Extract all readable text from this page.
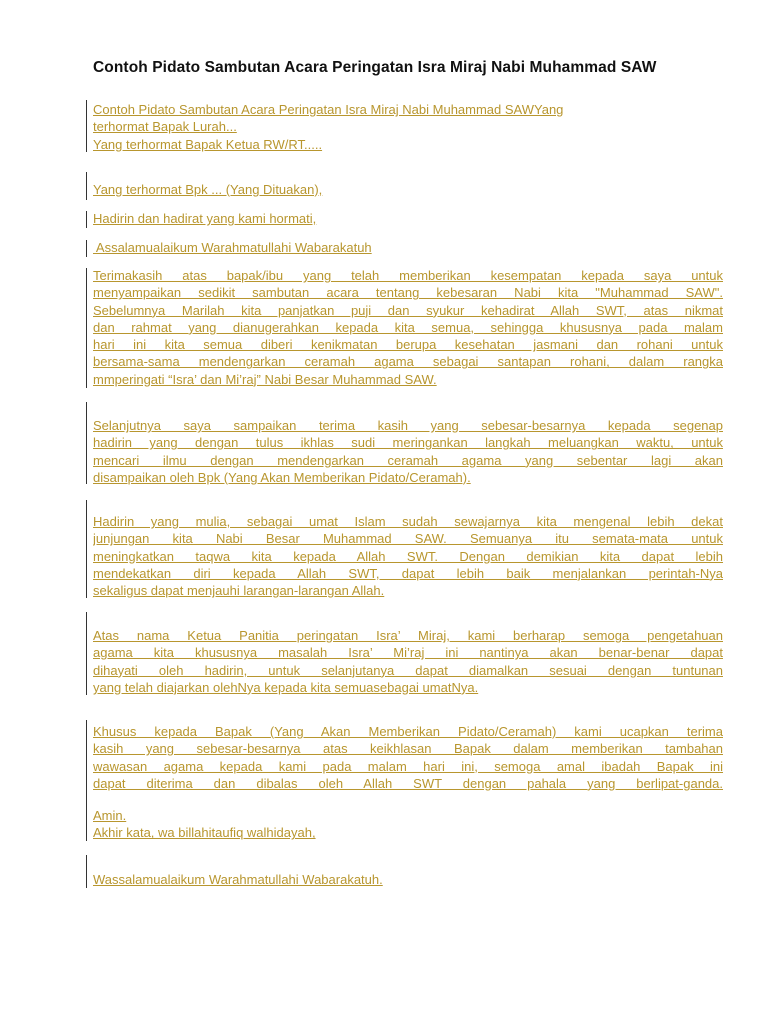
Contoh Pidato Sambutan Acara Peringatan Isra Miraj Nabi Muhammad SAW
Contoh Pidato Sambutan Acara Peringatan Isra Miraj Nabi Muhammad SAWYang
terhormat Bapak Lurah...
Yang terhormat Bapak Ketua RW/RT.....
Yang terhormat Bpk ... (Yang Dituakan),
Hadirin dan hadirat yang kami hormati,
Assalamualaikum Warahmatullahi Wabarakatuh
Terimakasih atas bapak/ibu yang telah memberikan kesempatan kepada saya untuk
menyampaikan sedikit sambutan acara tentang kebesaran Nabi kita "Muhammad SAW".
Sebelumnya Marilah kita panjatkan puji dan syukur kehadirat Allah SWT, atas nikmat
dan rahmat yang dianugerahkan kepada kita semua, sehingga khususnya pada malam
hari ini kita semua diberi kenikmatan berupa kesehatan jasmani dan rohani untuk
bersama-sama mendengarkan ceramah agama sebagai santapan rohani, dalam rangka
mmperingati “Isra’ dan Mi’raj” Nabi Besar Muhammad SAW.
Selanjutnya saya sampaikan terima kasih yang sebesar-besarnya kepada segenap
hadirin yang dengan tulus ikhlas sudi meringankan langkah meluangkan waktu, untuk
mencari ilmu dengan mendengarkan ceramah agama yang sebentar lagi akan
disampaikan oleh Bpk (Yang Akan Memberikan Pidato/Ceramah).
Hadirin yang mulia, sebagai umat Islam sudah sewajarnya kita mengenal lebih dekat
junjungan kita Nabi Besar Muhammad SAW. Semuanya itu semata-mata untuk
meningkatkan taqwa kita kepada Allah SWT. Dengan demikian kita dapat lebih
mendekatkan diri kepada Allah SWT, dapat lebih baik menjalankan perintah-Nya
sekaligus dapat menjauhi larangan-larangan Allah.
Atas nama Ketua Panitia peringatan Isra’ Miraj, kami berharap semoga pengetahuan
agama kita khususnya masalah Isra’ Mi’raj ini nantinya akan benar-benar dapat
dihayati oleh hadirin, untuk selanjutanya dapat diamalkan sesuai dengan tuntunan
yang telah diajarkan olehNya kepada kita semuasebagai umatNya.
Khusus kepada Bapak (Yang Akan Memberikan Pidato/Ceramah) kami ucapkan terima
kasih yang sebesar-besarnya atas keikhlasan Bapak dalam memberikan tambahan
wawasan agama kepada kami pada malam hari ini, semoga amal ibadah Bapak ini
dapat diterima dan dibalas oleh Allah SWT dengan pahala yang berlipat-ganda.
Amin.
Akhir kata, wa billahitaufiq walhidayah,
Wassalamualaikum Warahmatullahi Wabarakatuh.
